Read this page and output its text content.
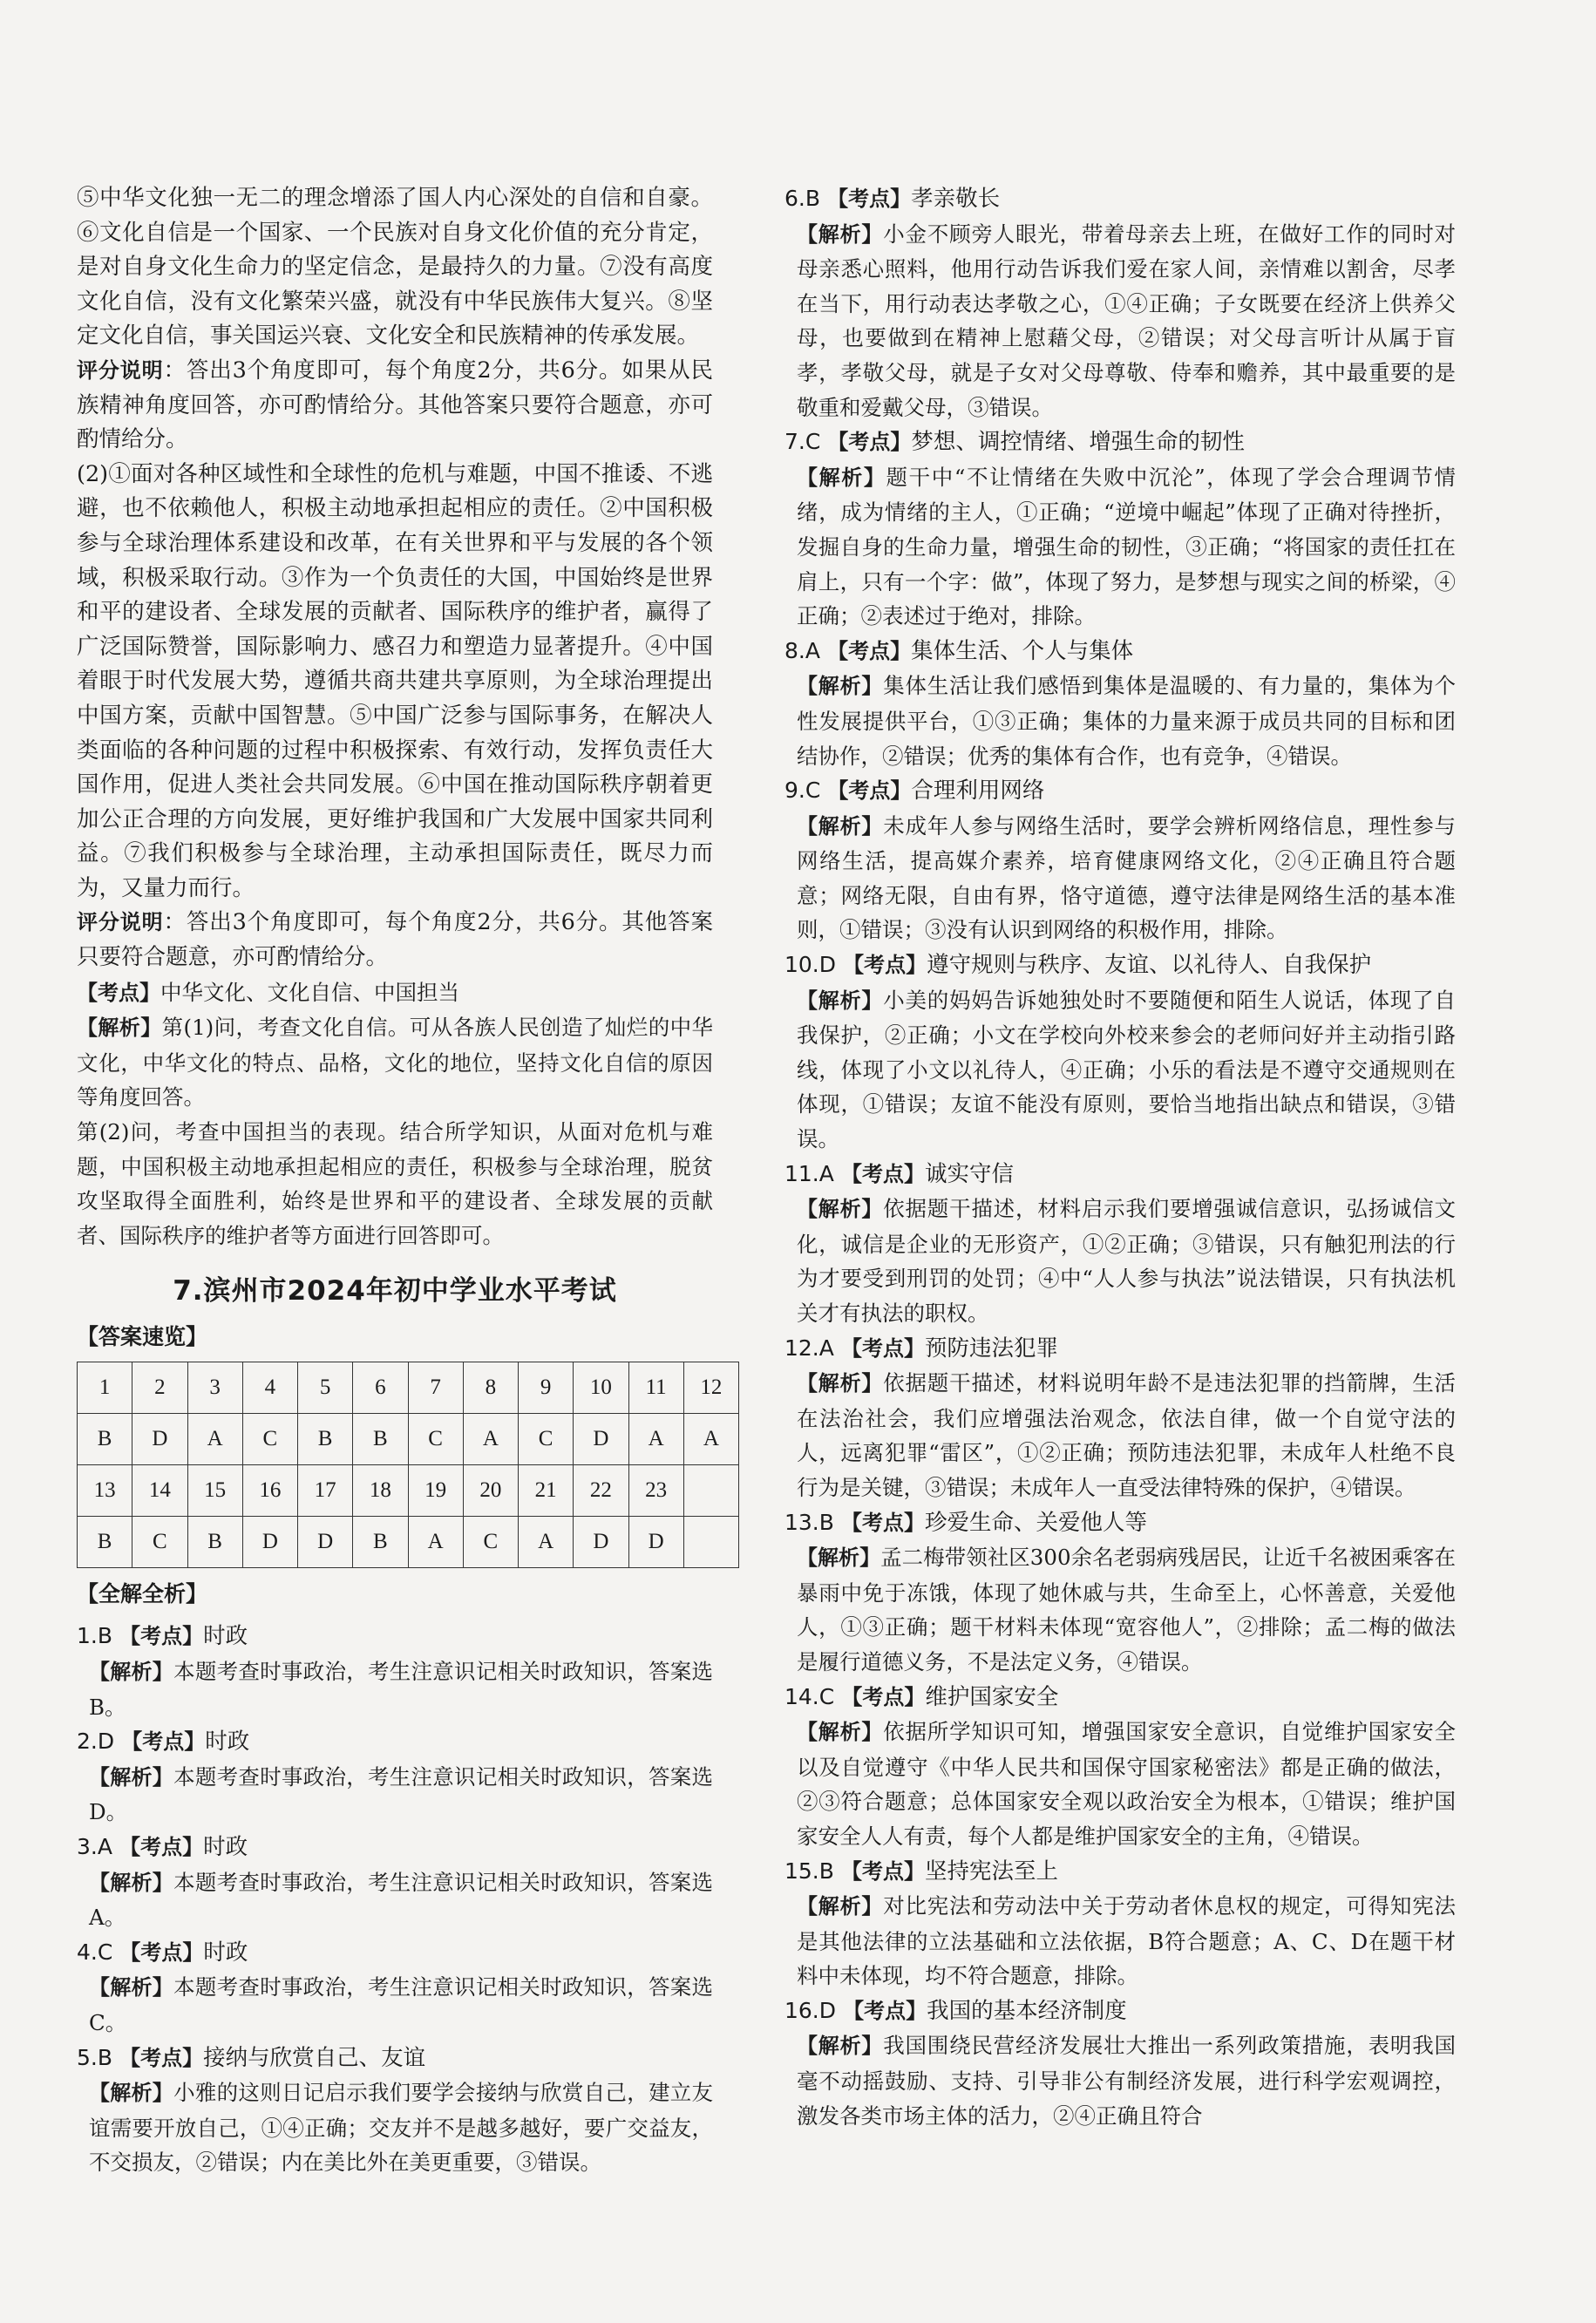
⑤中华文化独一无二的理念增添了国人内心深处的自信和自豪。⑥文化自信是一个国家、一个民族对自身文化价值的充分肯定，是对自身文化生命力的坚定信念，是最持久的力量。⑦没有高度文化自信，没有文化繁荣兴盛，就没有中华民族伟大复兴。⑧坚定文化自信，事关国运兴衰、文化安全和民族精神的传承发展。

评分说明：答出3个角度即可，每个角度2分，共6分。如果从民族精神角度回答，亦可酌情给分。其他答案只要符合题意，亦可酌情给分。

(2)①面对各种区域性和全球性的危机与难题，中国不推诿、不逃避，也不依赖他人，积极主动地承担起相应的责任。②中国积极参与全球治理体系建设和改革，在有关世界和平与发展的各个领域，积极采取行动。③作为一个负责任的大国，中国始终是世界和平的建设者、全球发展的贡献者、国际秩序的维护者，赢得了广泛国际赞誉，国际影响力、感召力和塑造力显著提升。④中国着眼于时代发展大势，遵循共商共建共享原则，为全球治理提出中国方案，贡献中国智慧。⑤中国广泛参与国际事务，在解决人类面临的各种问题的过程中积极探索、有效行动，发挥负责任大国作用，促进人类社会共同发展。⑥中国在推动国际秩序朝着更加公正合理的方向发展，更好维护我国和广大发展中国家共同利益。⑦我们积极参与全球治理，主动承担国际责任，既尽力而为，又量力而行。

评分说明：答出3个角度即可，每个角度2分，共6分。其他答案只要符合题意，亦可酌情给分。

【考点】中华文化、文化自信、中国担当

【解析】第(1)问，考查文化自信。可从各族人民创造了灿烂的中华文化，中华文化的特点、品格，文化的地位，坚持文化自信的原因等角度回答。

第(2)问，考查中国担当的表现。结合所学知识，从面对危机与难题，中国积极主动地承担起相应的责任，积极参与全球治理，脱贫攻坚取得全面胜利，始终是世界和平的建设者、全球发展的贡献者、国际秩序的维护者等方面进行回答即可。

7.滨州市2024年初中学业水平考试
【答案速览】
1	2	3	4	5	6	7	8	9	10	11	12
B	D	A	C	B	B	C	A	C	D	A	A
13	14	15	16	17	18	19	20	21	22	23	
B	C	B	D	D	B	A	C	A	D	D	
【全解全析】

1.B 【考点】时政

【解析】本题考查时事政治，考生注意识记相关时政知识，答案选B。

2.D 【考点】时政

【解析】本题考查时事政治，考生注意识记相关时政知识，答案选D。

3.A 【考点】时政

【解析】本题考查时事政治，考生注意识记相关时政知识，答案选A。

4.C 【考点】时政

【解析】本题考查时事政治，考生注意识记相关时政知识，答案选C。

5.B 【考点】接纳与欣赏自己、友谊

【解析】小雅的这则日记启示我们要学会接纳与欣赏自己，建立友谊需要开放自己，①④正确；交友并不是越多越好，要广交益友，不交损友，②错误；内在美比外在美更重要，③错误。

6.B 【考点】孝亲敬长

【解析】小金不顾旁人眼光，带着母亲去上班，在做好工作的同时对母亲悉心照料，他用行动告诉我们爱在家人间，亲情难以割舍，尽孝在当下，用行动表达孝敬之心，①④正确；子女既要在经济上供养父母，也要做到在精神上慰藉父母，②错误；对父母言听计从属于盲孝，孝敬父母，就是子女对父母尊敬、侍奉和赡养，其中最重要的是敬重和爱戴父母，③错误。

7.C 【考点】梦想、调控情绪、增强生命的韧性

【解析】题干中“不让情绪在失败中沉沦”，体现了学会合理调节情绪，成为情绪的主人，①正确；“逆境中崛起”体现了正确对待挫折，发掘自身的生命力量，增强生命的韧性，③正确；“将国家的责任扛在肩上，只有一个字：做”，体现了努力，是梦想与现实之间的桥梁，④正确；②表述过于绝对，排除。

8.A 【考点】集体生活、个人与集体

【解析】集体生活让我们感悟到集体是温暖的、有力量的，集体为个性发展提供平台，①③正确；集体的力量来源于成员共同的目标和团结协作，②错误；优秀的集体有合作，也有竞争，④错误。

9.C 【考点】合理利用网络

【解析】未成年人参与网络生活时，要学会辨析网络信息，理性参与网络生活，提高媒介素养，培育健康网络文化，②④正确且符合题意；网络无限，自由有界，恪守道德，遵守法律是网络生活的基本准则，①错误；③没有认识到网络的积极作用，排除。

10.D 【考点】遵守规则与秩序、友谊、以礼待人、自我保护

【解析】小美的妈妈告诉她独处时不要随便和陌生人说话，体现了自我保护，②正确；小文在学校向外校来参会的老师问好并主动指引路线，体现了小文以礼待人，④正确；小乐的看法是不遵守交通规则在体现，①错误；友谊不能没有原则，要恰当地指出缺点和错误，③错误。

11.A 【考点】诚实守信

【解析】依据题干描述，材料启示我们要增强诚信意识，弘扬诚信文化，诚信是企业的无形资产，①②正确；③错误，只有触犯刑法的行为才要受到刑罚的处罚；④中“人人参与执法”说法错误，只有执法机关才有执法的职权。

12.A 【考点】预防违法犯罪

【解析】依据题干描述，材料说明年龄不是违法犯罪的挡箭牌，生活在法治社会，我们应增强法治观念，依法自律，做一个自觉守法的人，远离犯罪“雷区”，①②正确；预防违法犯罪，未成年人杜绝不良行为是关键，③错误；未成年人一直受法律特殊的保护，④错误。

13.B 【考点】珍爱生命、关爱他人等

【解析】孟二梅带领社区300余名老弱病残居民，让近千名被困乘客在暴雨中免于冻饿，体现了她休戚与共，生命至上，心怀善意，关爱他人，①③正确；题干材料未体现“宽容他人”，②排除；孟二梅的做法是履行道德义务，不是法定义务，④错误。

14.C 【考点】维护国家安全

【解析】依据所学知识可知，增强国家安全意识，自觉维护国家安全以及自觉遵守《中华人民共和国保守国家秘密法》都是正确的做法，②③符合题意；总体国家安全观以政治安全为根本，①错误；维护国家安全人人有责，每个人都是维护国家安全的主角，④错误。

15.B 【考点】坚持宪法至上

【解析】对比宪法和劳动法中关于劳动者休息权的规定，可得知宪法是其他法律的立法基础和立法依据，B符合题意；A、C、D在题干材料中未体现，均不符合题意，排除。

16.D 【考点】我国的基本经济制度

【解析】我国围绕民营经济发展壮大推出一系列政策措施，表明我国毫不动摇鼓励、支持、引导非公有制经济发展，进行科学宏观调控，激发各类市场主体的活力，②④正确且符合
